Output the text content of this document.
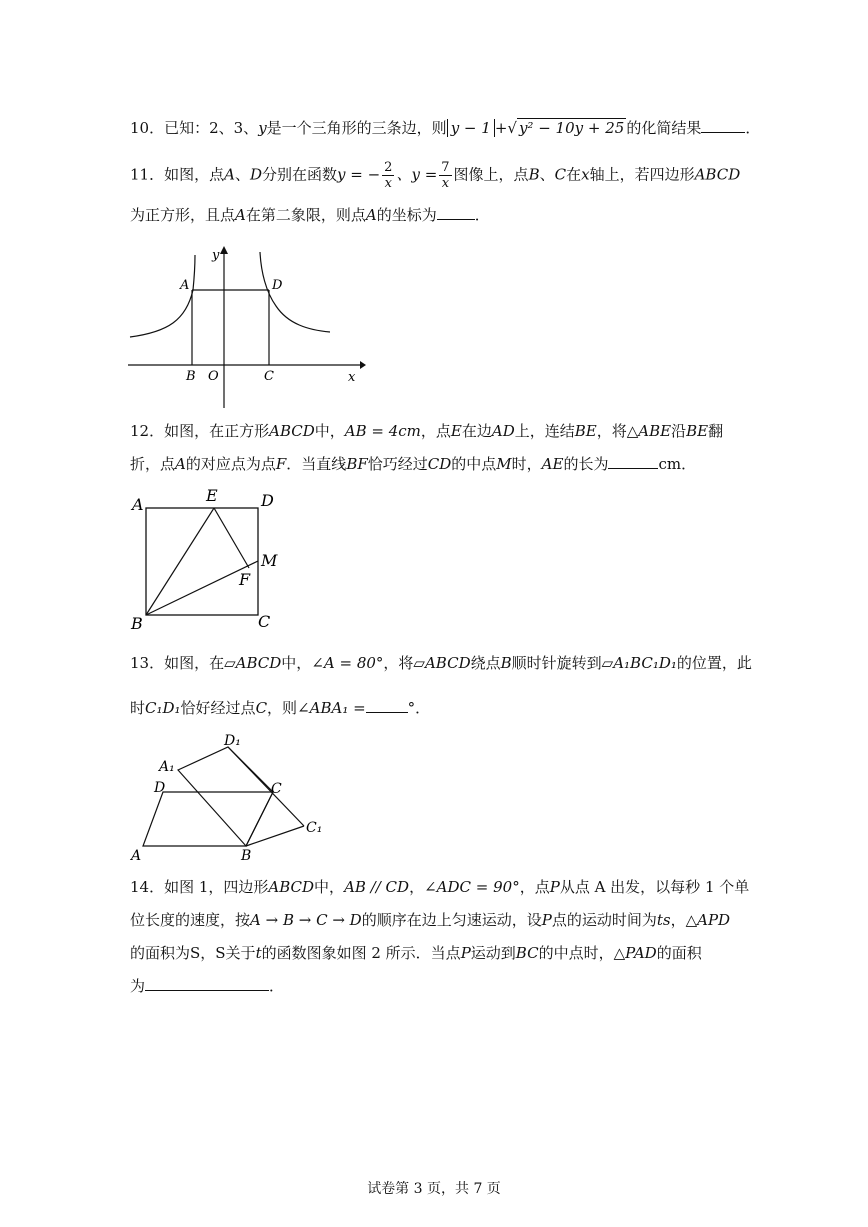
10．已知：2、3、y是一个三角形的三条边，则 y − 1 +√ y² − 10y + 25 的化简结果	．
11．如图，点A、D分别在函数y = − $\frac{2}{x}$ 、$y = \frac{7}{x}$ 图像上，点B、C在x轴上，若四边形ABCD
为正方形，且点A在第二象限，则点A的坐标为	．
A	D
B O	C	x
y
12．如图，在正方形ABCD中，AB = 4cm，点E在边AD上，连结BE，将△ABE沿BE翻
折，点A的对应点为点F．当直线BF恰巧经过CD的中点M时，AE的长为	cm．
A	E	D
M
F
B	C
13．如图，在▱ABCD中，∠A = 80°，将▱ABCD绕点B顺时针旋转到▱A₁BC₁D₁的位置，此
时C₁D₁恰好经过点C，则∠ABA₁ =	°．
D₁
A₁
D	C
C₁
A	B
14．如图 1，四边形ABCD中，AB // CD，∠ADC = 90°，点P从点 A 出发，以每秒 1 个单
位长度的速度，按A → B → C → D的顺序在边上匀速运动，设P点的运动时间为ts，△APD
的面积为S，S关于t的函数图象如图 2 所示．当点P运动到BC的中点时，△PAD的面积
为	．
试卷第 3 页，共 7 页
